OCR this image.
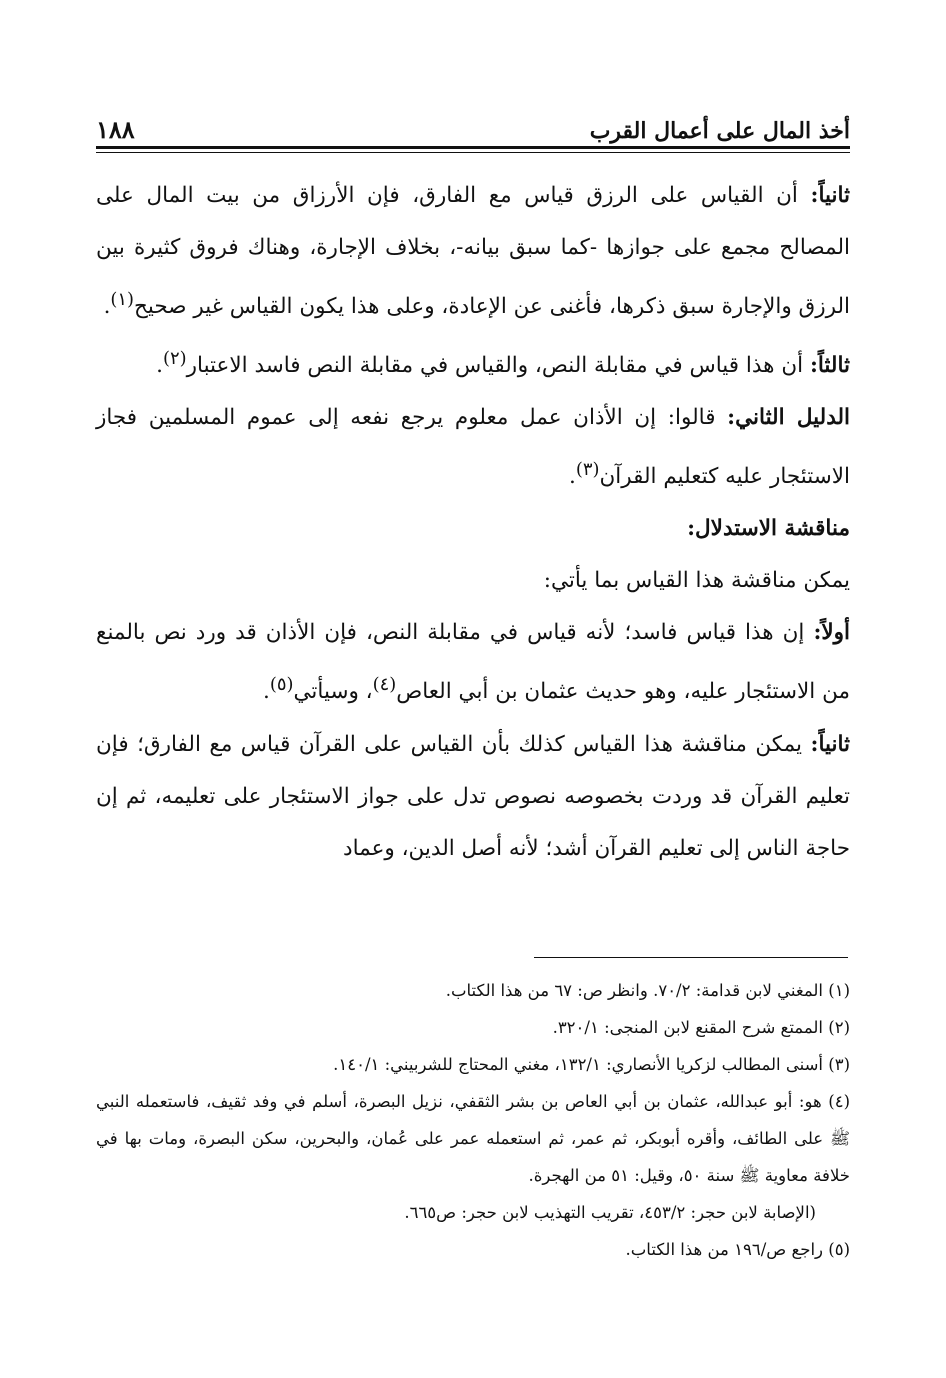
١٨٨	أخذ المال على أعمال القرب

ثانياً: أن القياس على الرزق قياس مع الفارق، فإن الأرزاق من بيت المال على المصالح مجمع على جوازها -كما سبق بيانه-، بخلاف الإجارة، وهناك فروق كثيرة بين الرزق والإجارة سبق ذكرها، فأغنى عن الإعادة، وعلى هذا يكون القياس غير صحيح$^{(١)}$.

ثالثاً: أن هذا قياس في مقابلة النص، والقياس في مقابلة النص فاسد الاعتبار$^{(٢)}$.

الدليل الثاني: قالوا: إن الأذان عمل معلوم يرجع نفعه إلى عموم المسلمين فجاز الاستئجار عليه كتعليم القرآن$^{(٣)}$.

مناقشة الاستدلال:

يمكن مناقشة هذا القياس بما يأتي:

أولاً: إن هذا قياس فاسد؛ لأنه قياس في مقابلة النص، فإن الأذان قد ورد نص بالمنع من الاستئجار عليه، وهو حديث عثمان بن أبي العاص$^{(٤)}$، وسيأتي$^{(٥)}$.

ثانياً: يمكن مناقشة هذا القياس كذلك بأن القياس على القرآن قياس مع الفارق؛ فإن تعليم القرآن قد وردت بخصوصه نصوص تدل على جواز الاستئجار على تعليمه، ثم إن حاجة الناس إلى تعليم القرآن أشد؛ لأنه أصل الدين، وعماد

(١) المغني لابن قدامة: ٧٠/٢. وانظر ص: ٦٧ من هذا الكتاب.

(٢) الممتع شرح المقنع لابن المنجى: ٣٢٠/١.

(٣) أسنى المطالب لزكريا الأنصاري: ١٣٢/١، مغني المحتاج للشربيني: ١٤٠/١.

(٤) هو: أبو عبدالله، عثمان بن أبي العاص بن بشر الثقفي، نزيل البصرة، أسلم في وفد ثقيف، فاستعمله النبي ﷺ على الطائف، وأقره أبوبكر، ثم عمر، ثم استعمله عمر على عُمان، والبحرين، سكن البصرة، ومات بها في خلافة معاوية ﷺ سنة ٥٠، وقيل: ٥١ من الهجرة.

(الإصابة لابن حجر: ٤٥٣/٢، تقريب التهذيب لابن حجر: ص٦٦٥.

(٥) راجع ص/١٩٦ من هذا الكتاب.
